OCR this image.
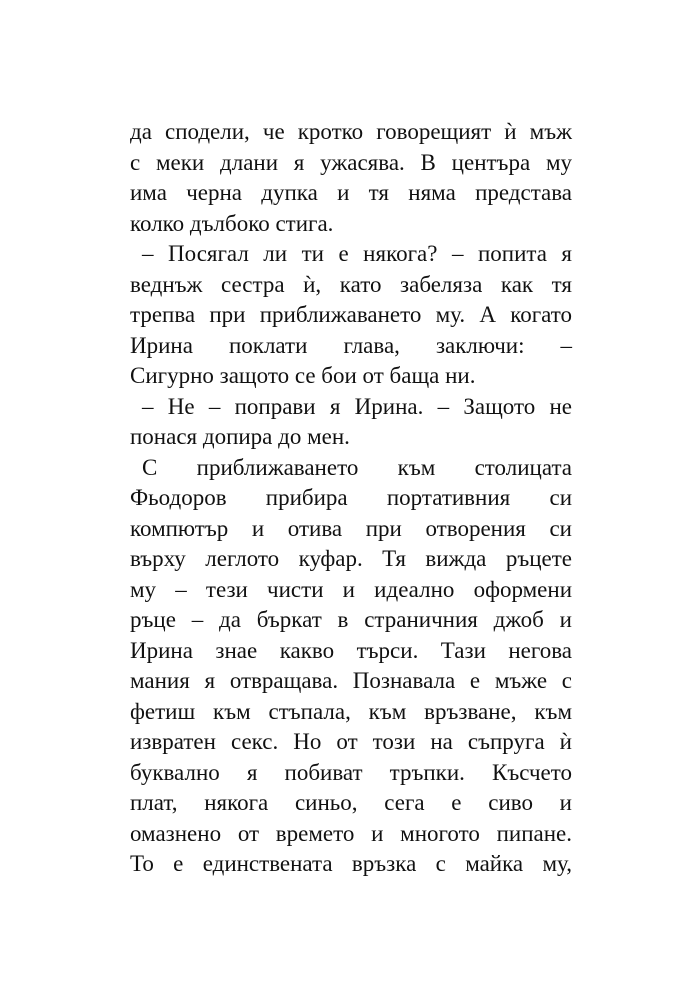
да сподели, че кротко говорещият ѝ мъж
с меки длани я ужасява. В центъра му
има черна дупка и тя няма представа
колко дълбоко стига.
– Посягал ли ти е някога? – попита я
веднъж сестра ѝ, като забеляза как тя
трепва при приближаването му. А когато
Ирина поклати глава, заключи: –
Сигурно защото се бои от баща ни.
– Не – поправи я Ирина. – Защото не
понася допира до мен.
С приближаването към столицата
Фьодоров прибира портативния си
компютър и отива при отворения си
върху леглото куфар. Тя вижда ръцете
му – тези чисти и идеално оформени
ръце – да бъркат в страничния джоб и
Ирина знае какво търси. Тази негова
мания я отвращава. Познавала е мъже с
фетиш към стъпала, към връзване, към
извратен секс. Но от този на съпруга ѝ
буквално я побиват тръпки. Късчето
плат, някога синьо, сега е сиво и
омазнено от времето и многото пипане.
То е единствената връзка с майка му,
